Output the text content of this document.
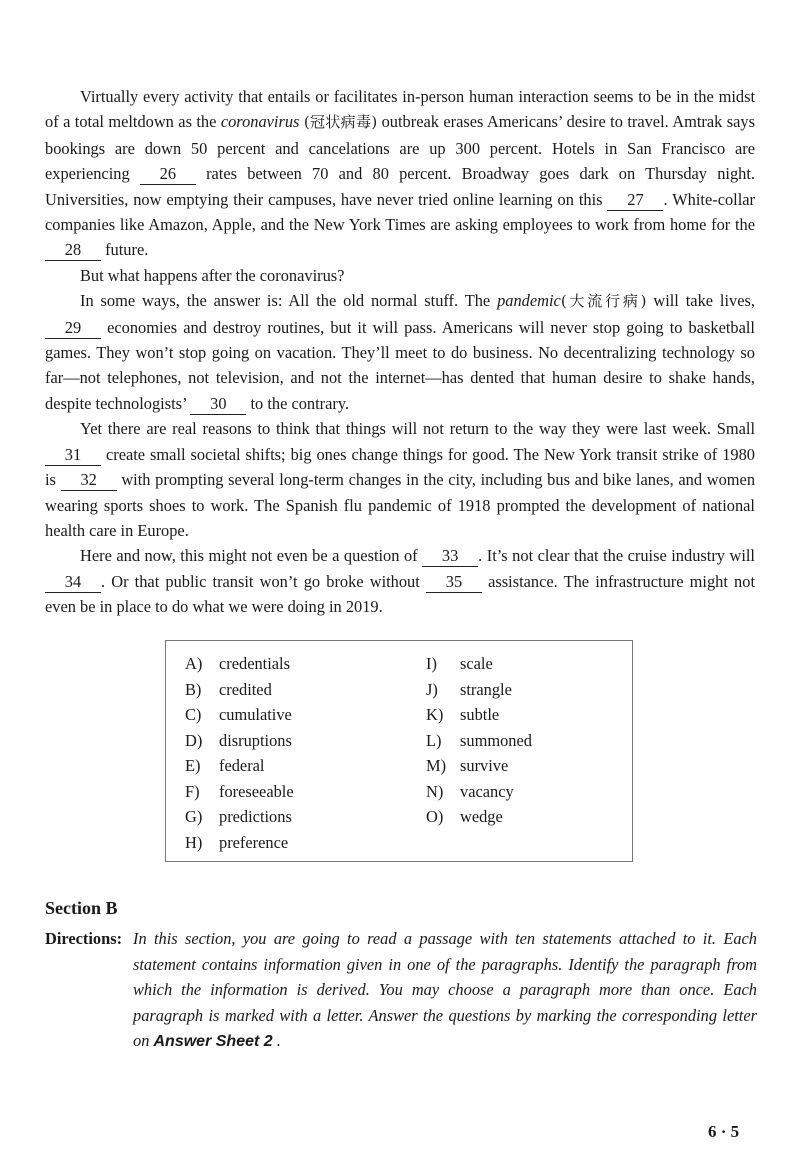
Virtually every activity that entails or facilitates in-person human interaction seems to be in the midst of a total meltdown as the coronavirus (冠状病毒) outbreak erases Americans’ desire to travel. Amtrak says bookings are down 50 percent and cancelations are up 300 percent. Hotels in San Francisco are experiencing 26 rates between 70 and 80 percent. Broadway goes dark on Thursday night. Universities, now emptying their campuses, have never tried online learning on this 27 . White-collar companies like Amazon, Apple, and the New York Times are asking employees to work from home for the 28 future.

But what happens after the coronavirus?

In some ways, the answer is: All the old normal stuff. The pandemic(大流行病) will take lives, 29 economies and destroy routines, but it will pass. Americans will never stop going to basketball games. They won’t stop going on vacation. They’ll meet to do business. No decentralizing technology so far—not telephones, not television, and not the internet—has dented that human desire to shake hands, despite technologists’ 30 to the contrary.

Yet there are real reasons to think that things will not return to the way they were last week. Small 31 create small societal shifts; big ones change things for good. The New York transit strike of 1980 is 32 with prompting several long-term changes in the city, including bus and bike lanes, and women wearing sports shoes to work. The Spanish flu pandemic of 1918 prompted the development of national health care in Europe.

Here and now, this might not even be a question of 33 . It’s not clear that the cruise industry will 34 . Or that public transit won’t go broke without 35 assistance. The infrastructure might not even be in place to do what we were doing in 2019.

A)	credentials
B)	credited
C)	cumulative
D)	disruptions
E)	federal
F)	foreseeable
G)	predictions
H)	preference
I)	scale
J)	strangle
K)	subtle
L)	summoned
M) survive
N)	vacancy
O)	wedge
Section B
Directions: In this section, you are going to read a passage with ten statements attached to it. Each statement contains information given in one of the paragraphs. Identify the paragraph from which the information is derived. You may choose a paragraph more than once. Each paragraph is marked with a letter. Answer the questions by marking the corresponding letter on Answer Sheet 2 .
6 · 5
